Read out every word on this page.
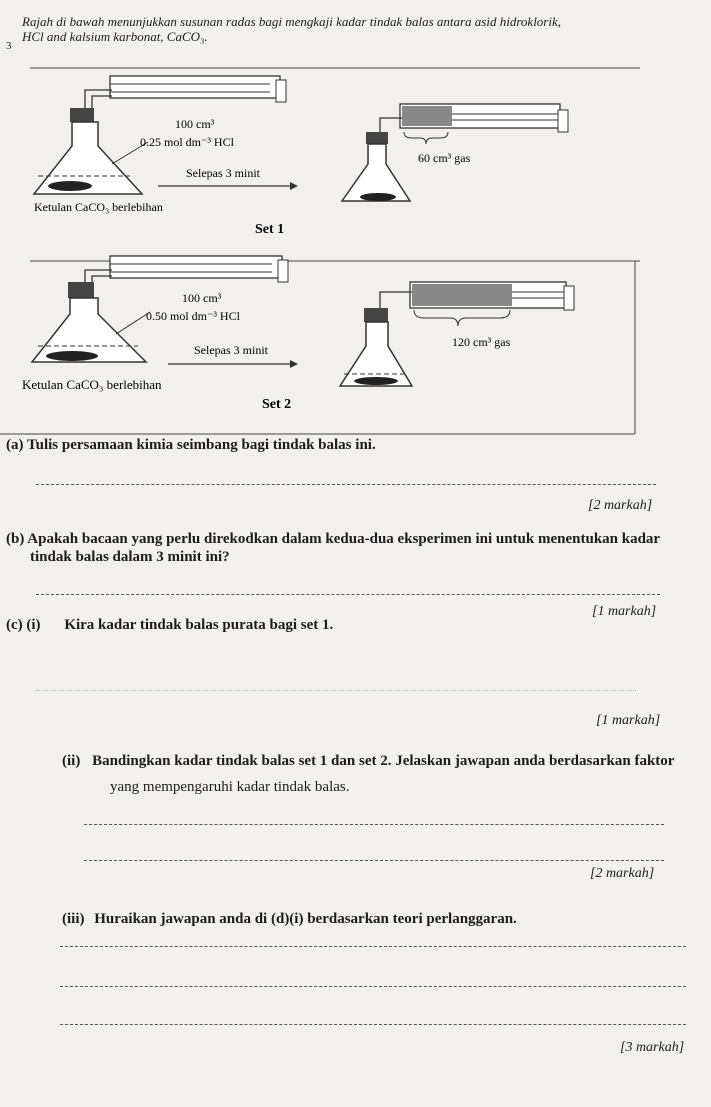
3
Rajah di bawah menunjukkan susunan radas bagi mengkaji kadar tindak balas antara asid hidroklorik,
HCl and kalsium karbonat, CaCO₃.
100 cm³
0.25 mol dm⁻³ HCl
Selepas 3 minit
Ketulan CaCO₃ berlebihan
60 cm³ gas
Set 1
100 cm³
0.50 mol dm⁻³ HCl
Selepas 3 minit
Ketulan CaCO₃ berlebihan
120 cm³ gas
Set 2
(a) Tulis persamaan kimia seimbang bagi tindak balas ini.
[2 markah]
(b) Apakah bacaan yang perlu direkodkan dalam kedua-dua eksperimen ini untuk menentukan kadar
tindak balas dalam 3 minit ini?
[1 markah]
(c) (i) Kira kadar tindak balas purata bagi set 1.
[1 markah]
(ii) Bandingkan kadar tindak balas set 1 dan set 2. Jelaskan jawapan anda berdasarkan faktor
yang mempengaruhi kadar tindak balas.
[2 markah]
(iii) Huraikan jawapan anda di (d)(i) berdasarkan teori perlanggaran.
[3 markah]
